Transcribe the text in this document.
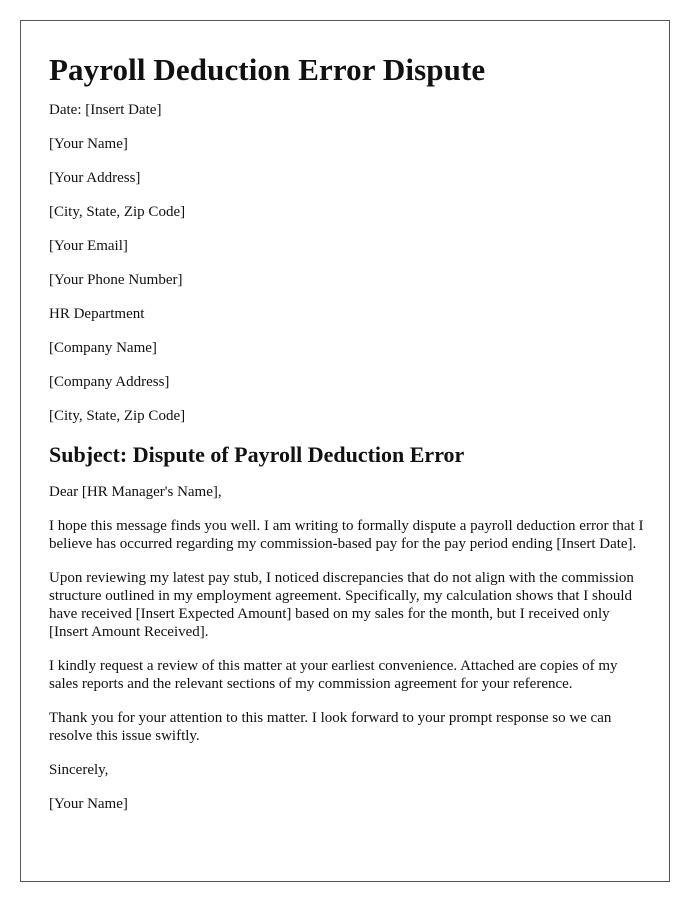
Payroll Deduction Error Dispute

Date: [Insert Date]

[Your Name]

[Your Address]

[City, State, Zip Code]

[Your Email]

[Your Phone Number]

HR Department

[Company Name]

[Company Address]

[City, State, Zip Code]

Subject: Dispute of Payroll Deduction Error

Dear [HR Manager's Name],

I hope this message finds you well. I am writing to formally dispute a payroll deduction error that I believe has occurred regarding my commission-based pay for the pay period ending [Insert Date].

Upon reviewing my latest pay stub, I noticed discrepancies that do not align with the commission structure outlined in my employment agreement. Specifically, my calculation shows that I should have received [Insert Expected Amount] based on my sales for the month, but I received only [Insert Amount Received].

I kindly request a review of this matter at your earliest convenience. Attached are copies of my sales reports and the relevant sections of my commission agreement for your reference.

Thank you for your attention to this matter. I look forward to your prompt response so we can resolve this issue swiftly.

Sincerely,

[Your Name]
